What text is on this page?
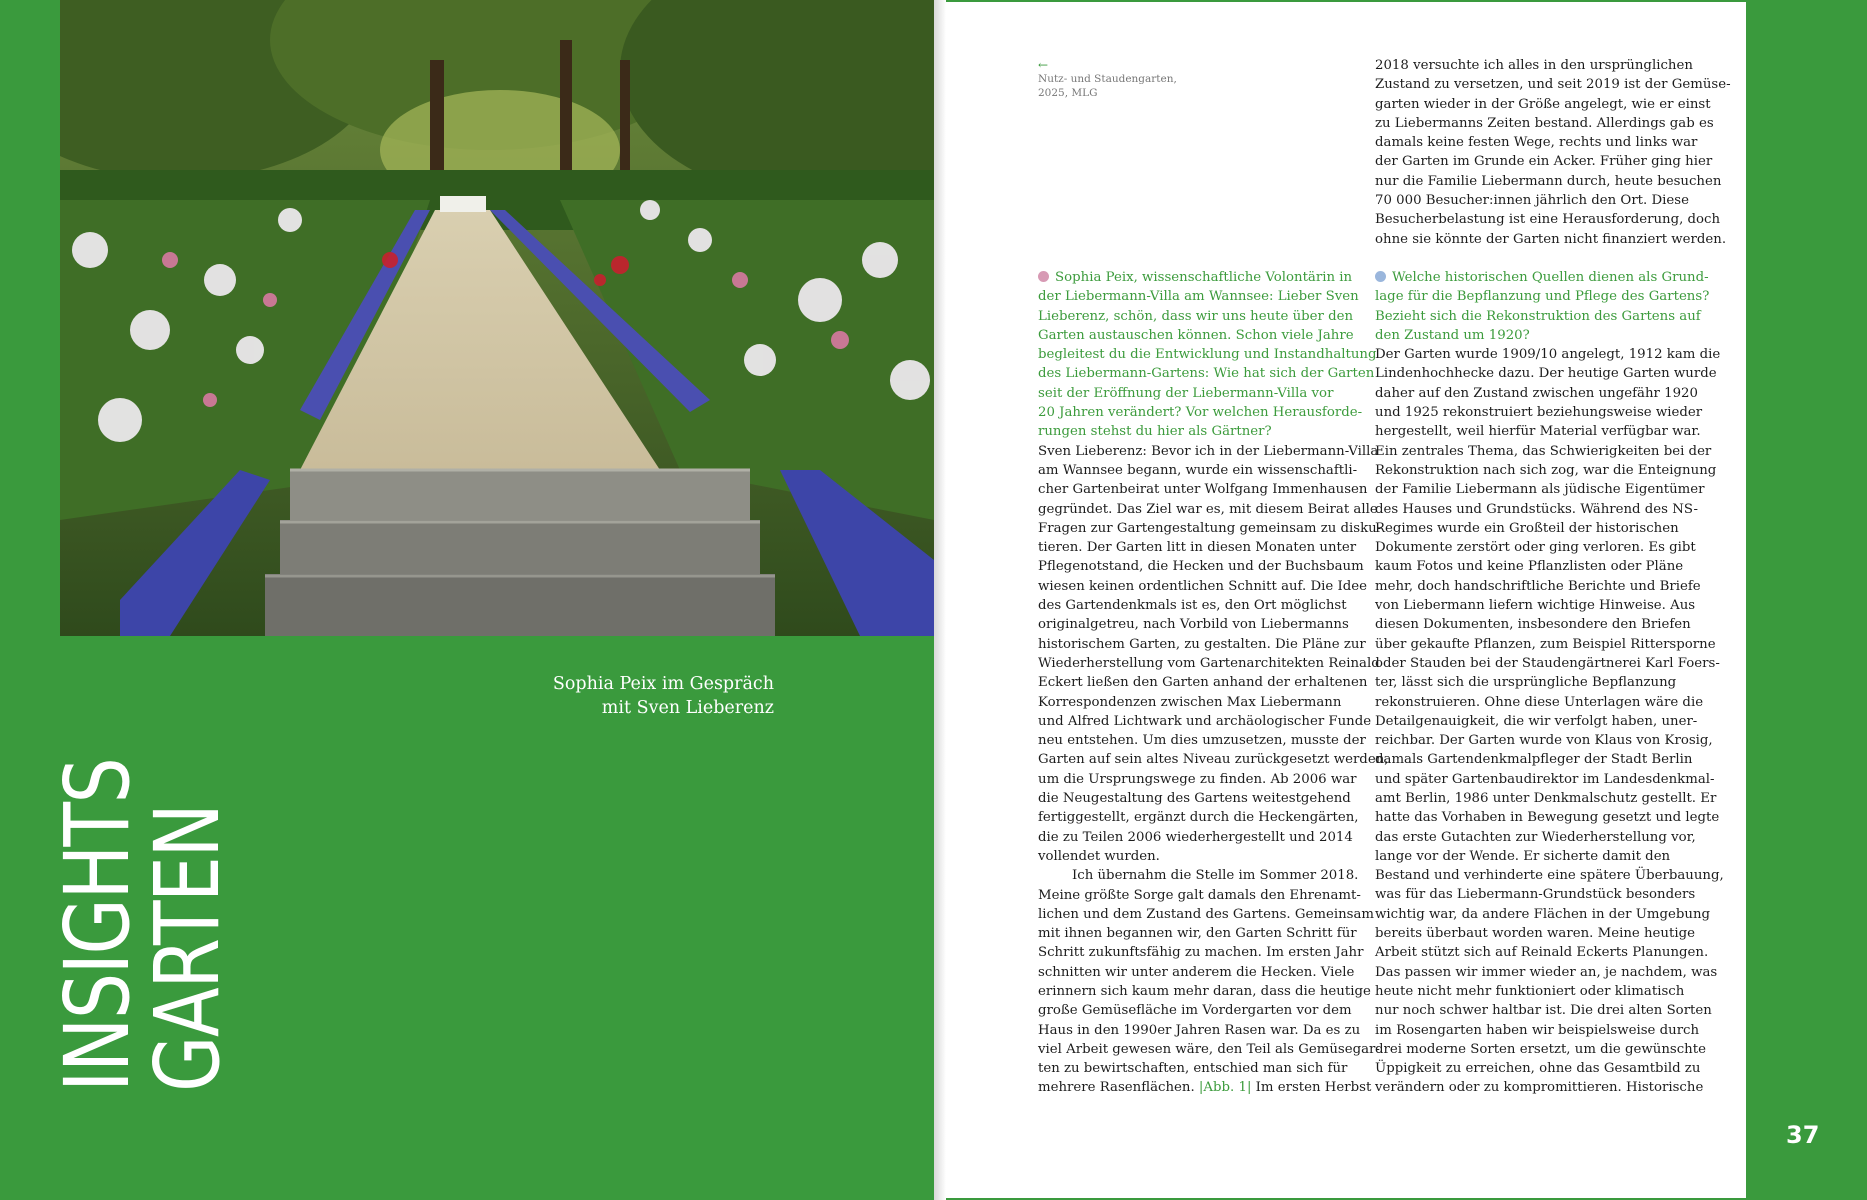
Sophia Peix im Gespräch
mit Sven Lieberenz
INSIGHTS
GARTEN
37
←
Nutz- und Staudengarten,
2025, MLG

Sophia Peix, wissenschaftliche Volontärin in

der Liebermann-Villa am Wannsee: Lieber Sven

Lieberenz, schön, dass wir uns heute über den

Garten austauschen können. Schon viele Jahre

begleitest du die Entwicklung und Instandhaltung

des Liebermann-Gartens: Wie hat sich der Garten

seit der Eröffnung der Liebermann-Villa vor

20 Jahren verändert? Vor welchen Herausforde-

rungen stehst du hier als Gärtner?

Sven Lieberenz: Bevor ich in der Liebermann-Villa

am Wannsee begann, wurde ein wissenschaftli-

cher Gartenbeirat unter Wolfgang Immenhausen

gegründet. Das Ziel war es, mit diesem Beirat alle

Fragen zur Gartengestaltung gemeinsam zu disku-

tieren. Der Garten litt in diesen Monaten unter

Pflegenotstand, die Hecken und der Buchsbaum

wiesen keinen ordentlichen Schnitt auf. Die Idee

des Gartendenkmals ist es, den Ort möglichst

originalgetreu, nach Vorbild von Liebermanns

historischem Garten, zu gestalten. Die Pläne zur

Wiederherstellung vom Gartenarchitekten Reinald

Eckert ließen den Garten anhand der erhaltenen

Korrespondenzen zwischen Max Liebermann

und Alfred Lichtwark und archäologischer Funde

neu entstehen. Um dies umzusetzen, musste der

Garten auf sein altes Niveau zurückgesetzt werden,

um die Ursprungswege zu finden. Ab 2006 war

die Neugestaltung des Gartens weitestgehend

fertiggestellt, ergänzt durch die Heckengärten,

die zu Teilen 2006 wiederhergestellt und 2014

vollendet wurden.

Ich übernahm die Stelle im Sommer 2018.

Meine größte Sorge galt damals den Ehrenamt-

lichen und dem Zustand des Gartens. Gemeinsam

mit ihnen begannen wir, den Garten Schritt für

Schritt zukunftsfähig zu machen. Im ersten Jahr

schnitten wir unter anderem die Hecken. Viele

erinnern sich kaum mehr daran, dass die heutige

große Gemüsefläche im Vordergarten vor dem

Haus in den 1990er Jahren Rasen war. Da es zu

viel Arbeit gewesen wäre, den Teil als Gemüsegar-

ten zu bewirtschaften, entschied man sich für

mehrere Rasenflächen. |Abb. 1| Im ersten Herbst

2018 versuchte ich alles in den ursprünglichen

Zustand zu versetzen, und seit 2019 ist der Gemüse-

garten wieder in der Größe angelegt, wie er einst

zu Liebermanns Zeiten bestand. Allerdings gab es

damals keine festen Wege, rechts und links war

der Garten im Grunde ein Acker. Früher ging hier

nur die Familie Liebermann durch, heute besuchen

70 000 Besucher:innen jährlich den Ort. Diese

Besucherbelastung ist eine Herausforderung, doch

ohne sie könnte der Garten nicht finanziert werden.

Welche historischen Quellen dienen als Grund-

lage für die Bepflanzung und Pflege des Gartens?

Bezieht sich die Rekonstruktion des Gartens auf

den Zustand um 1920?

Der Garten wurde 1909/10 angelegt, 1912 kam die

Lindenhochhecke dazu. Der heutige Garten wurde

daher auf den Zustand zwischen ungefähr 1920

und 1925 rekonstruiert beziehungsweise wieder

hergestellt, weil hierfür Material verfügbar war.

Ein zentrales Thema, das Schwierigkeiten bei der

Rekonstruktion nach sich zog, war die Enteignung

der Familie Liebermann als jüdische Eigentümer

des Hauses und Grundstücks. Während des NS-

Regimes wurde ein Großteil der historischen

Dokumente zerstört oder ging verloren. Es gibt

kaum Fotos und keine Pflanzlisten oder Pläne

mehr, doch handschriftliche Berichte und Briefe

von Liebermann liefern wichtige Hinweise. Aus

diesen Dokumenten, insbesondere den Briefen

über gekaufte Pflanzen, zum Beispiel Rittersporne

oder Stauden bei der Staudengärtnerei Karl Foers-

ter, lässt sich die ursprüngliche Bepflanzung

rekonstruieren. Ohne diese Unterlagen wäre die

Detailgenauigkeit, die wir verfolgt haben, uner-

reichbar. Der Garten wurde von Klaus von Krosig,

damals Gartendenkmalpfleger der Stadt Berlin

und später Gartenbaudirektor im Landesdenkmal-

amt Berlin, 1986 unter Denkmalschutz gestellt. Er

hatte das Vorhaben in Bewegung gesetzt und legte

das erste Gutachten zur Wiederherstellung vor,

lange vor der Wende. Er sicherte damit den

Bestand und verhinderte eine spätere Überbauung,

was für das Liebermann-Grundstück besonders

wichtig war, da andere Flächen in der Umgebung

bereits überbaut worden waren. Meine heutige

Arbeit stützt sich auf Reinald Eckerts Planungen.

Das passen wir immer wieder an, je nachdem, was

heute nicht mehr funktioniert oder klimatisch

nur noch schwer haltbar ist. Die drei alten Sorten

im Rosengarten haben wir beispielsweise durch

drei moderne Sorten ersetzt, um die gewünschte

Üppigkeit zu erreichen, ohne das Gesamtbild zu

verändern oder zu kompromittieren. Historische
